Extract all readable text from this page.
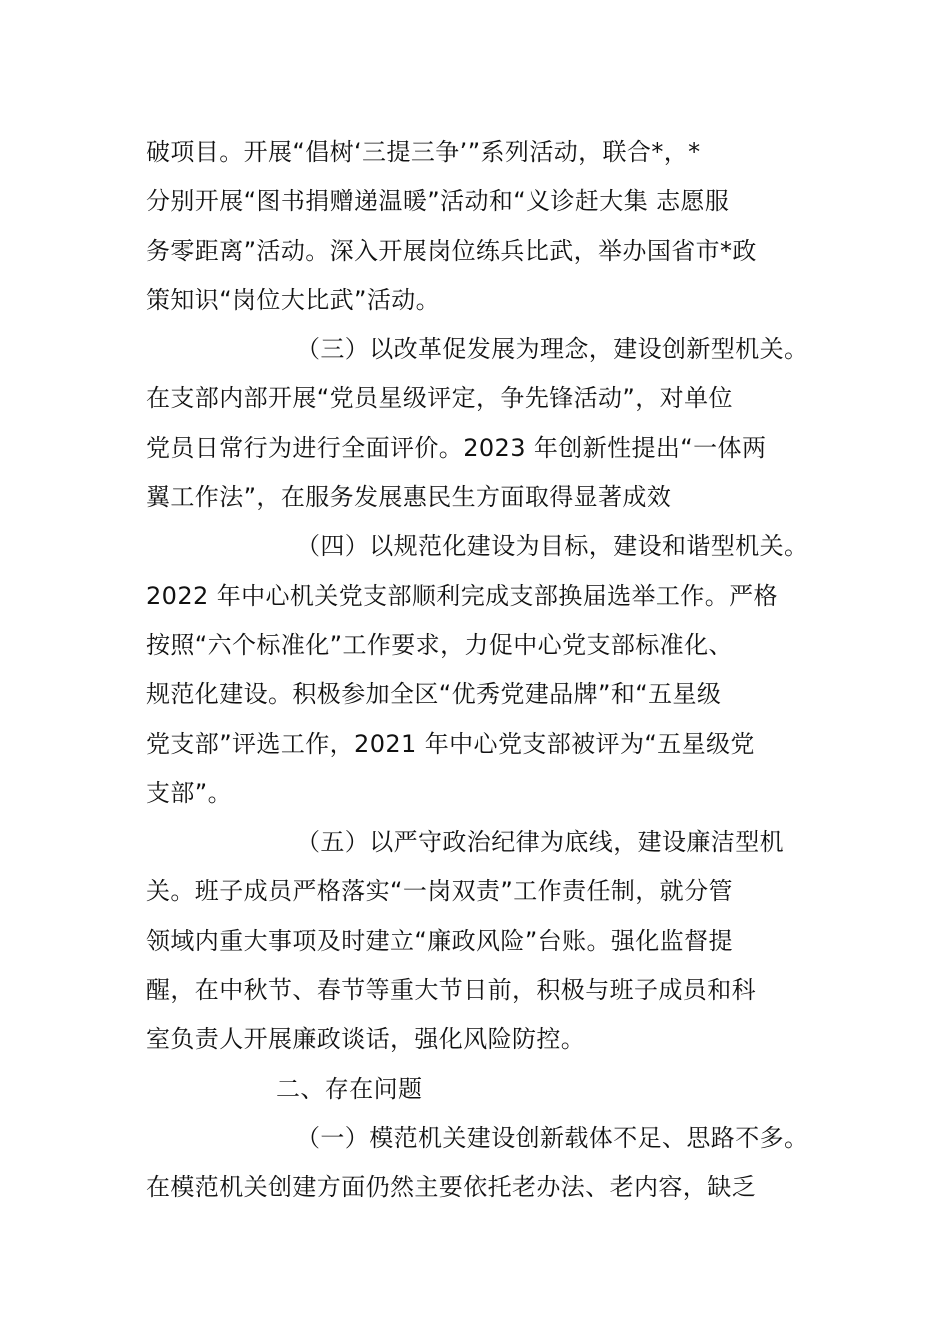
破项目。开展“倡树‘三提三争’”系列活动，联合*，*
分别开展“图书捐赠递温暖”活动和“义诊赶大集 志愿服
务零距离”活动。深入开展岗位练兵比武，举办国省市*政
策知识“岗位大比武”活动。
（三）以改革促发展为理念，建设创新型机关。
在支部内部开展“党员星级评定，争先锋活动”，对单位
党员日常行为进行全面评价。2023 年创新性提出“一体两
翼工作法”，在服务发展惠民生方面取得显著成效
（四）以规范化建设为目标，建设和谐型机关。
2022 年中心机关党支部顺利完成支部换届选举工作。严格
按照“六个标准化”工作要求，力促中心党支部标准化、
规范化建设。积极参加全区“优秀党建品牌”和“五星级
党支部”评选工作，2021 年中心党支部被评为“五星级党
支部”。
（五）以严守政治纪律为底线，建设廉洁型机
关。班子成员严格落实“一岗双责”工作责任制，就分管
领域内重大事项及时建立“廉政风险”台账。强化监督提
醒，在中秋节、春节等重大节日前，积极与班子成员和科
室负责人开展廉政谈话，强化风险防控。
二、存在问题
（一）模范机关建设创新载体不足、思路不多。
在模范机关创建方面仍然主要依托老办法、老内容，缺乏
